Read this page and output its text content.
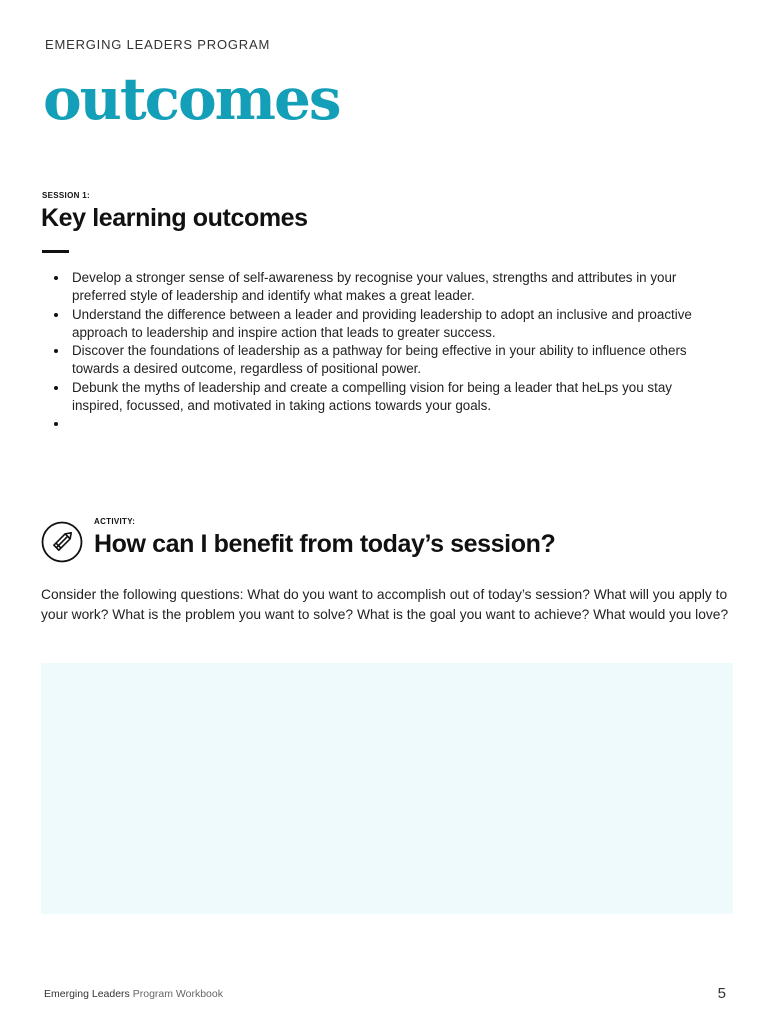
EMERGING LEADERS PROGRAM
outcomes
SESSION 1:
Key learning outcomes
Develop a stronger sense of self-awareness by recognise your values, strengths and attributes in your preferred style of leadership and identify what makes a great leader.
Understand the difference between a leader and providing leadership to adopt an inclusive and proactive approach to leadership and inspire action that leads to greater success.
Discover the foundations of leadership as a pathway for being effective in your ability to influence others towards a desired outcome, regardless of positional power.
Debunk the myths of leadership and create a compelling vision for being a leader that heLps you stay inspired, focussed, and motivated in taking actions towards your goals.

ACTIVITY:
How can I benefit from today’s session?

Consider the following questions: What do you want to accomplish out of today’s session? What will you apply to your work? What is the problem you want to solve? What is the goal you want to achieve? What would you love?

Emerging Leaders Program Workbook	5
